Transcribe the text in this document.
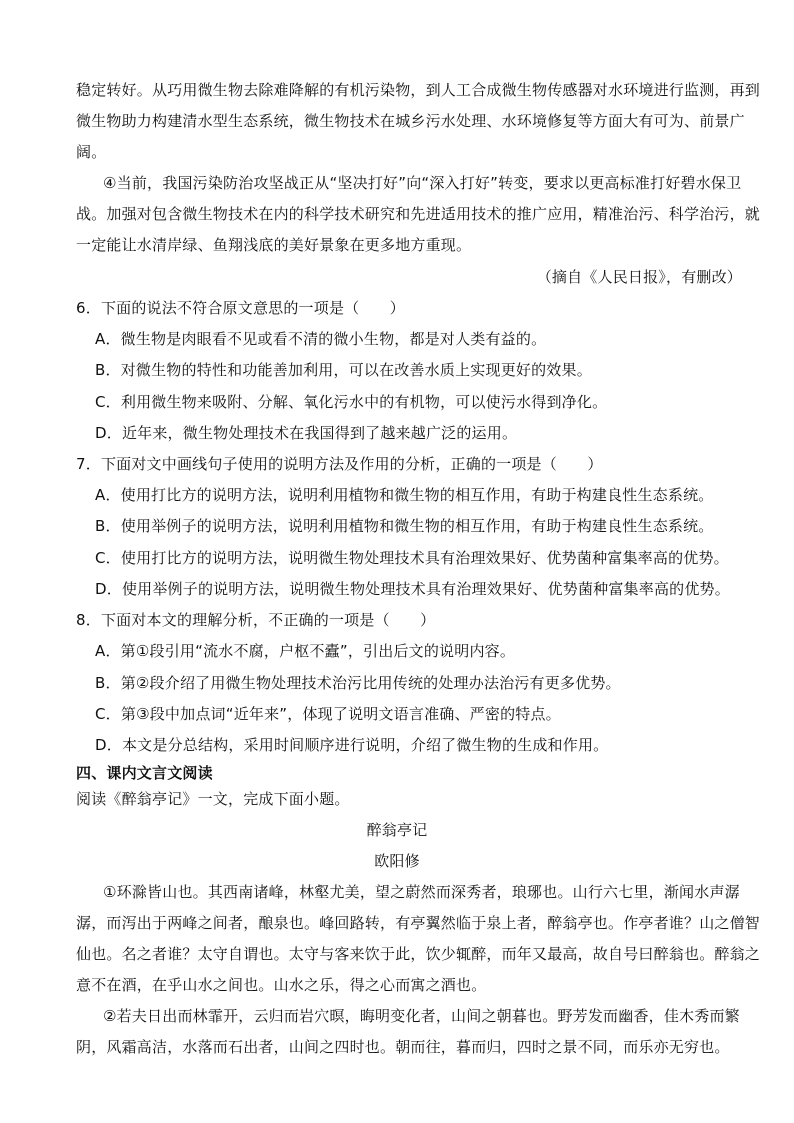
稳定转好。从巧用微生物去除难降解的有机污染物，到人工合成微生物传感器对水环境进行监测，再到
微生物助力构建清水型生态系统，微生物技术在城乡污水处理、水环境修复等方面大有可为、前景广
阔。
④当前，我国污染防治攻坚战正从“坚决打好”向“深入打好”转变，要求以更高标准打好碧水保卫
战。加强对包含微生物技术在内的科学技术研究和先进适用技术的推广应用，精准治污、科学治污，就
一定能让水清岸绿、鱼翔浅底的美好景象在更多地方重现。
（摘自《人民日报》，有删改）
6．下面的说法不符合原文意思的一项是（　　）
A．微生物是肉眼看不见或看不清的微小生物，都是对人类有益的。
B．对微生物的特性和功能善加利用，可以在改善水质上实现更好的效果。
C．利用微生物来吸附、分解、氧化污水中的有机物，可以使污水得到净化。
D．近年来，微生物处理技术在我国得到了越来越广泛的运用。
7．下面对文中画线句子使用的说明方法及作用的分析，正确的一项是（　　）
A．使用打比方的说明方法，说明利用植物和微生物的相互作用，有助于构建良性生态系统。
B．使用举例子的说明方法，说明利用植物和微生物的相互作用，有助于构建良性生态系统。
C．使用打比方的说明方法，说明微生物处理技术具有治理效果好、优势菌种富集率高的优势。
D．使用举例子的说明方法，说明微生物处理技术具有治理效果好、优势菌种富集率高的优势。
8．下面对本文的理解分析，不正确的一项是（　　）
A．第①段引用“流水不腐，户枢不蠹”，引出后文的说明内容。
B．第②段介绍了用微生物处理技术治污比用传统的处理办法治污有更多优势。
C．第③段中加点词“近年来”，体现了说明文语言准确、严密的特点。
D．本文是分总结构，采用时间顺序进行说明，介绍了微生物的生成和作用。
四、课内文言文阅读
阅读《醉翁亭记》一文，完成下面小题。
醉翁亭记
欧阳修
①环滁皆山也。其西南诸峰，林壑尤美，望之蔚然而深秀者，琅琊也。山行六七里，渐闻水声潺
潺，而泻出于两峰之间者，酿泉也。峰回路转，有亭翼然临于泉上者，醉翁亭也。作亭者谁？山之僧智
仙也。名之者谁？太守自谓也。太守与客来饮于此，饮少辄醉，而年又最高，故自号曰醉翁也。醉翁之
意不在酒，在乎山水之间也。山水之乐，得之心而寓之酒也。
②若夫日出而林霏开，云归而岩穴暝，晦明变化者，山间之朝暮也。野芳发而幽香，佳木秀而繁
阴，风霜高洁，水落而石出者，山间之四时也。朝而往，暮而归，四时之景不同，而乐亦无穷也。
